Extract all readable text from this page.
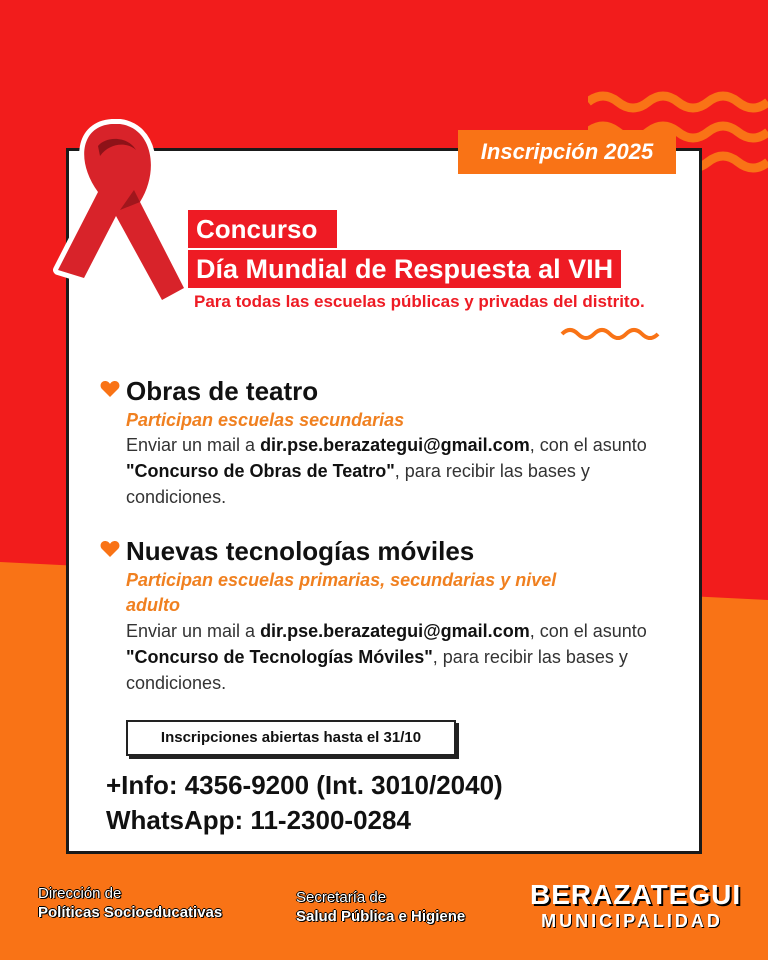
Inscripción 2025
Concurso
Día Mundial de Respuesta al VIH
Para todas las escuelas públicas y privadas del distrito.
Obras de teatro
Participan escuelas secundarias
Enviar un mail a dir.pse.berazategui@gmail.com, con el asunto "Concurso de Obras de Teatro", para recibir las bases y condiciones.
Nuevas tecnologías móviles
Participan escuelas primarias, secundarias y nivel adulto
Enviar un mail a dir.pse.berazategui@gmail.com, con el asunto "Concurso de Tecnologías Móviles", para recibir las bases y condiciones.
Inscripciones abiertas hasta el 31/10
+Info: 4356-9200 (Int. 3010/2040)
WhatsApp: 11-2300-0284
Dirección de
Políticas Socioeducativas
Secretaría de
Salud Pública e Higiene
BERAZATEGUI
MUNICIPALIDAD
